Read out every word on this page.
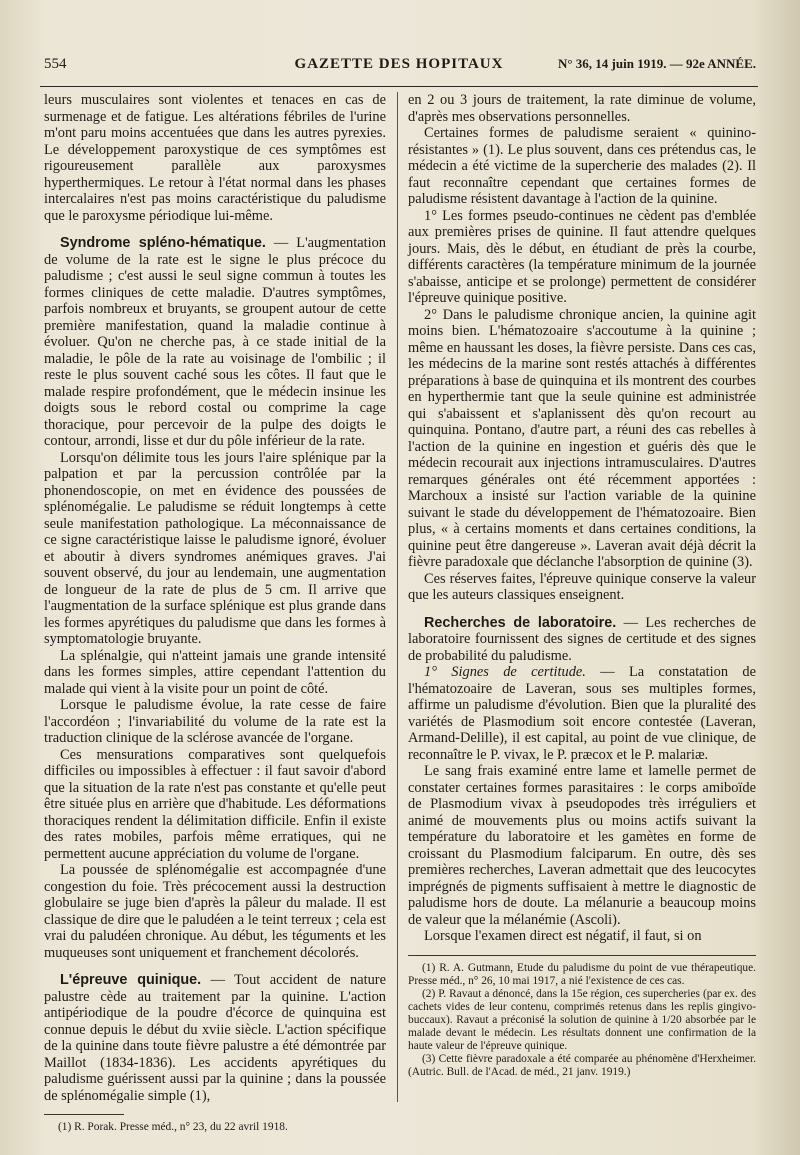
554	GAZETTE DES HOPITAUX	N° 36, 14 juin 1919. — 92e ANNÉE.

leurs musculaires sont violentes et tenaces en cas de surmenage et de fatigue. Les altérations fébriles de l'urine m'ont paru moins accentuées que dans les autres pyrexies. Le développement paroxystique de ces symptômes est rigoureusement parallèle aux paroxysmes hyperthermiques. Le retour à l'état normal dans les phases intercalaires n'est pas moins caractéristique du paludisme que le paroxysme périodique lui-même.

Syndrome spléno-hématique. — L'augmentation de volume de la rate est le signe le plus précoce du paludisme ; c'est aussi le seul signe commun à toutes les formes cliniques de cette maladie. D'autres symptômes, parfois nombreux et bruyants, se groupent autour de cette première manifestation, quand la maladie continue à évoluer. Qu'on ne cherche pas, à ce stade initial de la maladie, le pôle de la rate au voisinage de l'ombilic ; il reste le plus souvent caché sous les côtes. Il faut que le malade respire profondément, que le médecin insinue les doigts sous le rebord costal ou comprime la cage thoracique, pour percevoir de la pulpe des doigts le contour, arrondi, lisse et dur du pôle inférieur de la rate.

Lorsqu'on délimite tous les jours l'aire splénique par la palpation et par la percussion contrôlée par la phonendoscopie, on met en évidence des poussées de splénomégalie. Le paludisme se réduit longtemps à cette seule manifestation pathologique. La méconnaissance de ce signe caractéristique laisse le paludisme ignoré, évoluer et aboutir à divers syndromes anémiques graves. J'ai souvent observé, du jour au lendemain, une augmentation de longueur de la rate de plus de 5 cm. Il arrive que l'augmentation de la surface splénique est plus grande dans les formes apyrétiques du paludisme que dans les formes à symptomatologie bruyante.

La splénalgie, qui n'atteint jamais une grande intensité dans les formes simples, attire cependant l'attention du malade qui vient à la visite pour un point de côté.

Lorsque le paludisme évolue, la rate cesse de faire l'accordéon ; l'invariabilité du volume de la rate est la traduction clinique de la sclérose avancée de l'organe.

Ces mensurations comparatives sont quelquefois difficiles ou impossibles à effectuer : il faut savoir d'abord que la situation de la rate n'est pas constante et qu'elle peut être située plus en arrière que d'habitude. Les déformations thoraciques rendent la délimitation difficile. Enfin il existe des rates mobiles, parfois même erratiques, qui ne permettent aucune appréciation du volume de l'organe.

La poussée de splénomégalie est accompagnée d'une congestion du foie. Très précocement aussi la destruction globulaire se juge bien d'après la pâleur du malade. Il est classique de dire que le paludéen a le teint terreux ; cela est vrai du paludéen chronique. Au début, les téguments et les muqueuses sont uniquement et franchement décolorés.

L'épreuve quinique. — Tout accident de nature palustre cède au traitement par la quinine. L'action antipériodique de la poudre d'écorce de quinquina est connue depuis le début du xviie siècle. L'action spécifique de la quinine dans toute fièvre palustre a été démontrée par Maillot (1834-1836). Les accidents apyrétiques du paludisme guérissent aussi par la quinine ; dans la poussée de splénomégalie simple (1),

(1) R. Porak. Presse méd., n° 23, du 22 avril 1918.

en 2 ou 3 jours de traitement, la rate diminue de volume, d'après mes observations personnelles.

Certaines formes de paludisme seraient « quinino-résistantes » (1). Le plus souvent, dans ces prétendus cas, le médecin a été victime de la supercherie des malades (2). Il faut reconnaître cependant que certaines formes de paludisme résistent davantage à l'action de la quinine.

1° Les formes pseudo-continues ne cèdent pas d'emblée aux premières prises de quinine. Il faut attendre quelques jours. Mais, dès le début, en étudiant de près la courbe, différents caractères (la température minimum de la journée s'abaisse, anticipe et se prolonge) permettent de considérer l'épreuve quinique positive.

2° Dans le paludisme chronique ancien, la quinine agit moins bien. L'hématozoaire s'accoutume à la quinine ; même en haussant les doses, la fièvre persiste. Dans ces cas, les médecins de la marine sont restés attachés à différentes préparations à base de quinquina et ils montrent des courbes en hyperthermie tant que la seule quinine est administrée qui s'abaissent et s'aplanissent dès qu'on recourt au quinquina. Pontano, d'autre part, a réuni des cas rebelles à l'action de la quinine en ingestion et guéris dès que le médecin recourait aux injections intramusculaires. D'autres remarques générales ont été récemment apportées : Marchoux a insisté sur l'action variable de la quinine suivant le stade du développement de l'hématozoaire. Bien plus, « à certains moments et dans certaines conditions, la quinine peut être dangereuse ». Laveran avait déjà décrit la fièvre paradoxale que déclanche l'absorption de quinine (3).

Ces réserves faites, l'épreuve quinique conserve la valeur que les auteurs classiques enseignent.

Recherches de laboratoire. — Les recherches de laboratoire fournissent des signes de certitude et des signes de probabilité du paludisme.

1° Signes de certitude. — La constatation de l'hématozoaire de Laveran, sous ses multiples formes, affirme un paludisme d'évolution. Bien que la pluralité des variétés de Plasmodium soit encore contestée (Laveran, Armand-Delille), il est capital, au point de vue clinique, de reconnaître le P. vivax, le P. præcox et le P. malariæ.

Le sang frais examiné entre lame et lamelle permet de constater certaines formes parasitaires : le corps amiboïde de Plasmodium vivax à pseudopodes très irréguliers et animé de mouvements plus ou moins actifs suivant la température du laboratoire et les gamètes en forme de croissant du Plasmodium falciparum. En outre, dès ses premières recherches, Laveran admettait que des leucocytes imprégnés de pigments suffisaient à mettre le diagnostic de paludisme hors de doute. La mélanurie a beaucoup moins de valeur que la mélanémie (Ascoli).

Lorsque l'examen direct est négatif, il faut, si on

(1) R. A. Gutmann, Etude du paludisme du point de vue thérapeutique. Presse méd., n° 26, 10 mai 1917, a nié l'existence de ces cas.

(2) P. Ravaut a dénoncé, dans la 15e région, ces supercheries (par ex. des cachets vides de leur contenu, comprimés retenus dans les replis gingivo-buccaux). Ravaut a préconisé la solution de quinine à 1/20 absorbée par le malade devant le médecin. Les résultats donnent une confirmation de la haute valeur de l'épreuve quinique.

(3) Cette fièvre paradoxale a été comparée au phénomène d'Herxheimer. (Autric. Bull. de l'Acad. de méd., 21 janv. 1919.)
